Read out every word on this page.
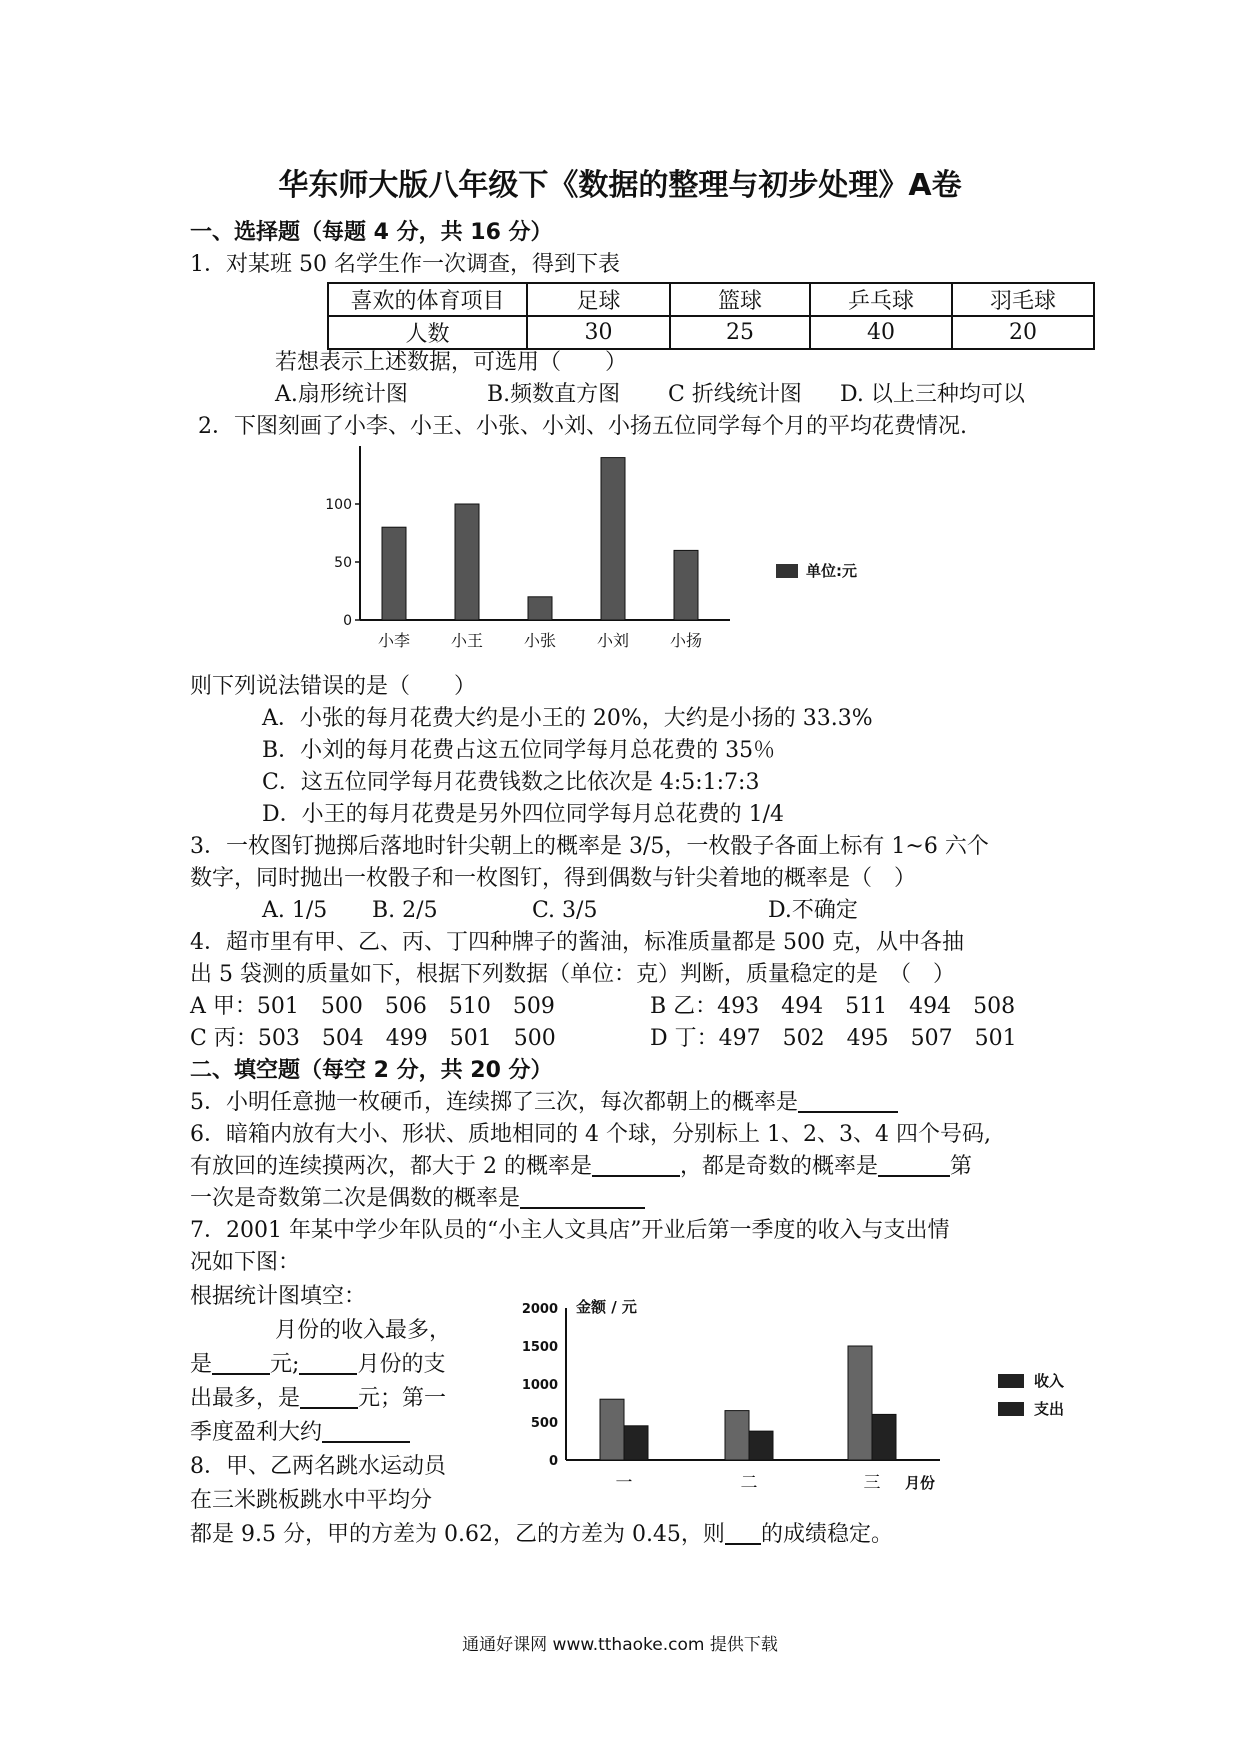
华东师大版八年级下《数据的整理与初步处理》A卷
一、选择题（每题 4 分，共 16 分）
1．对某班 50 名学生作一次调查，得到下表
喜欢的体育项目	足球	篮球	乒乓球	羽毛球
人数	30	25	40	20
若想表示上述数据，可选用（　　）
A.扇形统计图	B.频数直方图 C 折线统计图 D. 以上三种均可以
2．下图刻画了小李、小王、小张、小刘、小扬五位同学每个月的平均花费情况.
0
50
100
小李	小王	小张	小刘	小扬
单位:元
则下列说法错误的是（　　）
A．小张的每月花费大约是小王的 20%，大约是小扬的 33.3%
B．小刘的每月花费占这五位同学每月总花费的 35％
C．这五位同学每月花费钱数之比依次是 4:5:1:7:3
D．小王的每月花费是另外四位同学每月总花费的 1/4
3．一枚图钉抛掷后落地时针尖朝上的概率是 3/5，一枚骰子各面上标有 1~6 六个
数字，同时抛出一枚骰子和一枚图钉，得到偶数与针尖着地的概率是（　）
A. 1/5 B. 2/5	C. 3/5	D.不确定
4．超市里有甲、乙、丙、丁四种牌子的酱油，标准质量都是 500 克，从中各抽
出 5 袋测的质量如下，根据下列数据（单位：克）判断，质量稳定的是　（　）
A 甲：501　500　506　510　509	B 乙：493　494　511　494　508
C 丙：503　504　499　501　500	D 丁：497　502　495　507　501
二、填空题（每空 2 分，共 20 分）
5．小明任意抛一枚硬币，连续掷了三次，每次都朝上的概率是
6．暗箱内放有大小、形状、质地相同的 4 个球，分别标上 1、2、3、4 四个号码,
有放回的连续摸两次，都大于 2 的概率是	，都是奇数的概率是	第
一次是奇数第二次是偶数的概率是
7．2001 年某中学少年队员的“小主人文具店”开业后第一季度的收入与支出情
况如下图：
根据统计图填空：
月份的收入最多，
是	元;	月份的支
出最多，是	元；第一
季度盈利大约
0
500
1000
1500
2000 金额 / 元
一	二	三 月份
收入
支出
8．甲、乙两名跳水运动员
在三米跳板跳水中平均分
都是 9.5 分，甲的方差为 0.62，乙的方差为 0.45，则 的成绩稳定。
通通好课网 www.tthaoke.com 提供下载
